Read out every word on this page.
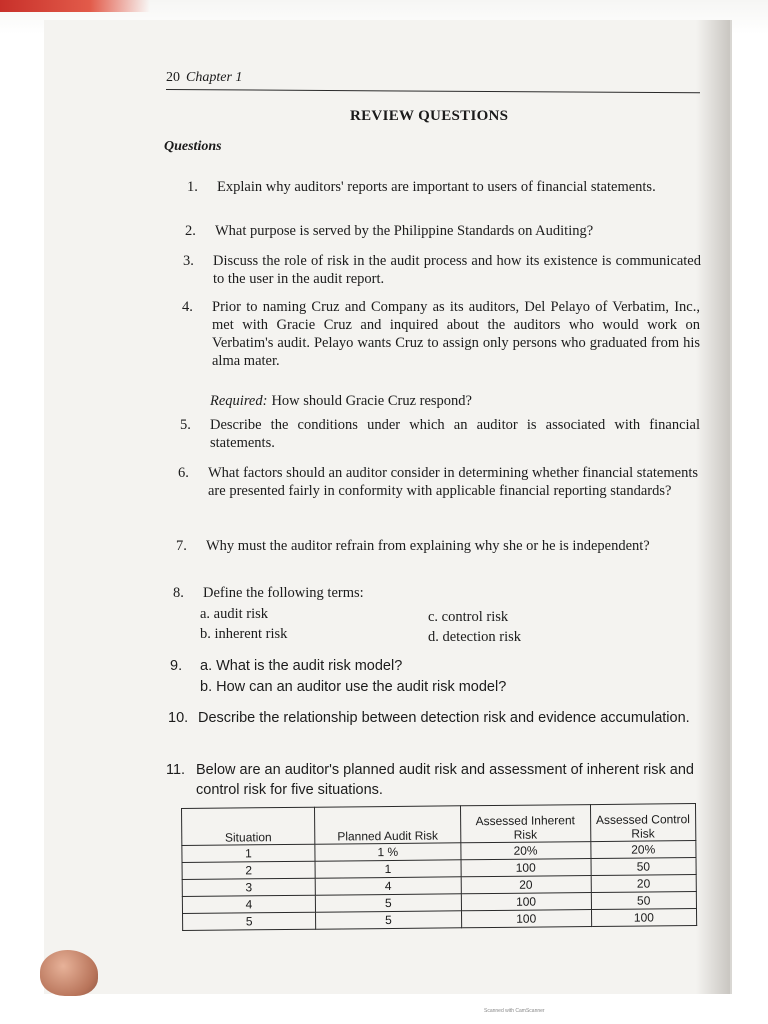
20 Chapter 1
REVIEW QUESTIONS
Questions
1. Explain why auditors' reports are important to users of financial statements.
2. What purpose is served by the Philippine Standards on Auditing?
3. Discuss the role of risk in the audit process and how its existence is communicated to the user in the audit report.
4. Prior to naming Cruz and Company as its auditors, Del Pelayo of Verbatim, Inc., met with Gracie Cruz and inquired about the auditors who would work on Verbatim's audit. Pelayo wants Cruz to assign only persons who graduated from his alma mater.
Required: How should Gracie Cruz respond?
5. Describe the conditions under which an auditor is associated with financial statements.
6. What factors should an auditor consider in determining whether financial statements are presented fairly in conformity with applicable financial reporting standards?
7. Why must the auditor refrain from explaining why she or he is independent?
8. Define the following terms:
a. audit risk
b. inherent risk
c. control risk
d. detection risk
9. a. What is the audit risk model?
b. How can an auditor use the audit risk model?
10. Describe the relationship between detection risk and evidence accumulation.
11. Below are an auditor's planned audit risk and assessment of inherent risk and control risk for five situations.
Situation	Planned Audit Risk	Assessed Inherent Risk	Assessed Control Risk
1	1 %	20%	20%
2	1	100	50
3	4	20	20
4	5	100	50
5	5	100	100
Scanned with CamScanner
